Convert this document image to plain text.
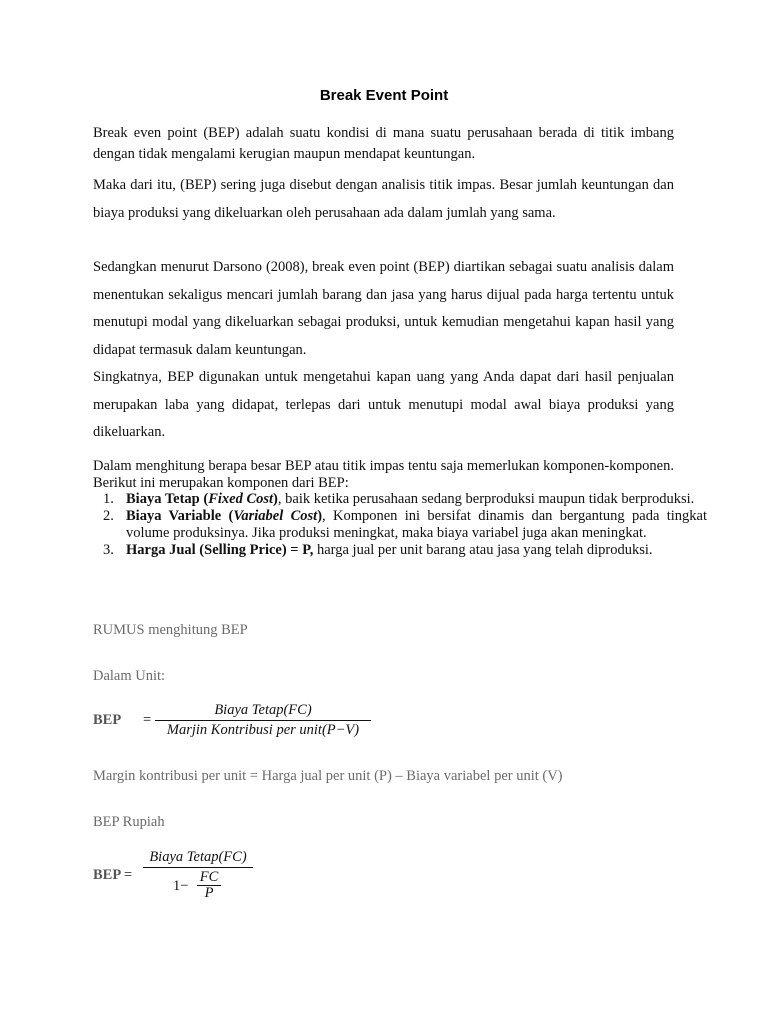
Break Event Point

Break even point (BEP) adalah suatu kondisi di mana suatu perusahaan berada di titik imbang dengan tidak mengalami kerugian maupun mendapat keuntungan.

Maka dari itu, (BEP) sering juga disebut dengan analisis titik impas. Besar jumlah keuntungan dan biaya produksi yang dikeluarkan oleh perusahaan ada dalam jumlah yang sama.

Sedangkan menurut Darsono (2008), break even point (BEP) diartikan sebagai suatu analisis dalam menentukan sekaligus mencari jumlah barang dan jasa yang harus dijual pada harga tertentu untuk menutupi modal yang dikeluarkan sebagai produksi, untuk kemudian mengetahui kapan hasil yang didapat termasuk dalam keuntungan.

Singkatnya, BEP digunakan untuk mengetahui kapan uang yang Anda dapat dari hasil penjualan merupakan laba yang didapat, terlepas dari untuk menutupi modal awal biaya produksi yang dikeluarkan.

Dalam menghitung berapa besar BEP atau titik impas tentu saja memerlukan komponen-komponen. Berikut ini merupakan komponen dari BEP:

1. Biaya Tetap (Fixed Cost), baik ketika perusahaan sedang berproduksi maupun tidak berproduksi.
2. Biaya Variable (Variabel Cost), Komponen ini bersifat dinamis dan bergantung pada tingkat volume produksinya. Jika produksi meningkat, maka biaya variabel juga akan meningkat.
3. Harga Jual (Selling Price) = P, harga jual per unit barang atau jasa yang telah diproduksi.
RUMUS menghitung BEP
Dalam Unit:
BEP =
Biaya Tetap(FC)
Marjin Kontribusi per unit(P−V)
Margin kontribusi per unit = Harga jual per unit (P) – Biaya variabel per unit (V)
BEP Rupiah
BEP =
Biaya Tetap(FC)
1−
FC
P
